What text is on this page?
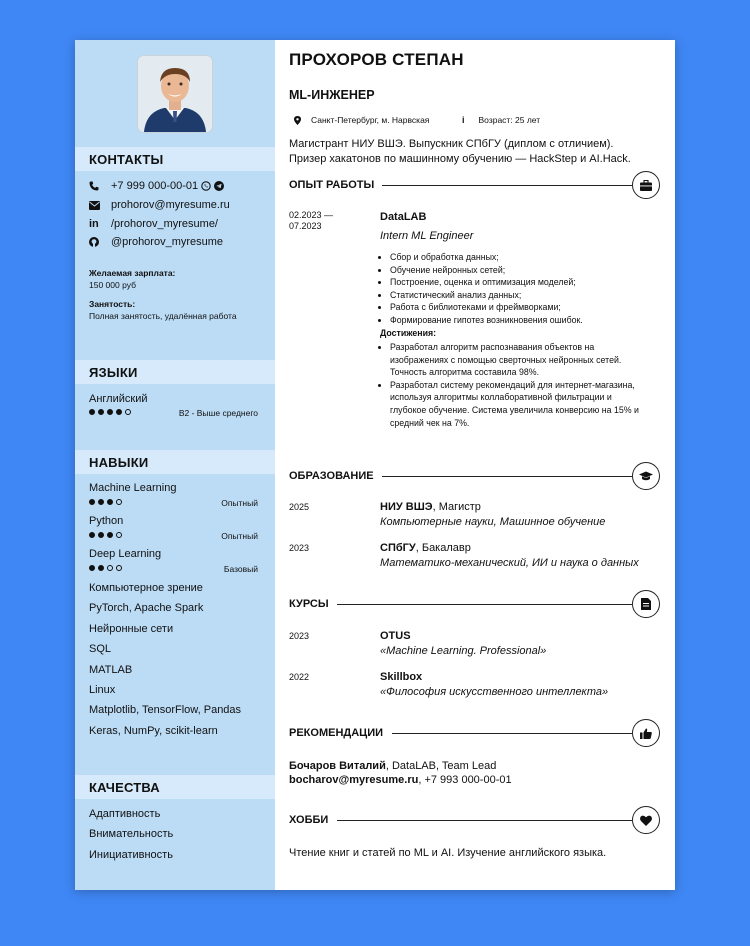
КОНТАКТЫ
+7 999 000-00-01
prohorov@myresume.ru
in	/prohorov_myresume/
@prohorov_myresume
Желаемая зарплата:
150 000 руб
Занятость:
Полная занятость, удалённая работа
ЯЗЫКИ
Английский
B2 - Выше среднего
НАВЫКИ
Machine Learning
Опытный
Python
Опытный
Deep Learning
Базовый
Компьютерное зрение
PyTorch, Apache Spark
Нейронные сети
SQL
MATLAB
Linux
Matplotlib, TensorFlow, Pandas
Keras, NumPy, scikit-learn
КАЧЕСТВА
Адаптивность
Внимательность
Инициативность
ПРОХОРОВ СТЕПАН
ML-ИНЖЕНЕР
Санкт-Петербург, м. Нарвская	i Возраст: 25 лет
Магистрант НИУ ВШЭ. Выпускник СПбГУ (диплом с отличием).
Призер хакатонов по машинному обучению — HackStep и AI.Hack.
ОПЫТ РАБОТЫ
02.2023 —
07.2023
DataLAB
Intern ML Engineer
• Сбор и обработка данных;
• Обучение нейронных сетей;
• Построение, оценка и оптимизация моделей;
• Статистический анализ данных;
• Работа с библиотеками и фреймворками;
• Формирование гипотез возникновения ошибок.
Достижения:
• Разработал алгоритм распознавания объектов на изображениях с помощью сверточных нейронных сетей. Точность алгоритма составила 98%.
• Разработал систему рекомендаций для интернет-магазина, используя алгоритмы коллаборативной фильтрации и глубокое обучение. Система увеличила конверсию на 15% и средний чек на 7%.
ОБРАЗОВАНИЕ
2025	НИУ ВШЭ, Магистр
Компьютерные науки, Машинное обучение
2023	СПбГУ, Бакалавр
Математико-механический, ИИ и наука о данных
КУРСЫ
2023	OTUS
«Machine Learning. Professional»
2022	Skillbox
«Философия искусственного интеллекта»
РЕКОМЕНДАЦИИ
Бочаров Виталий, DataLAB, Team Lead
bocharov@myresume.ru, +7 993 000-00-01
ХОББИ
Чтение книг и статей по ML и AI. Изучение английского языка.
